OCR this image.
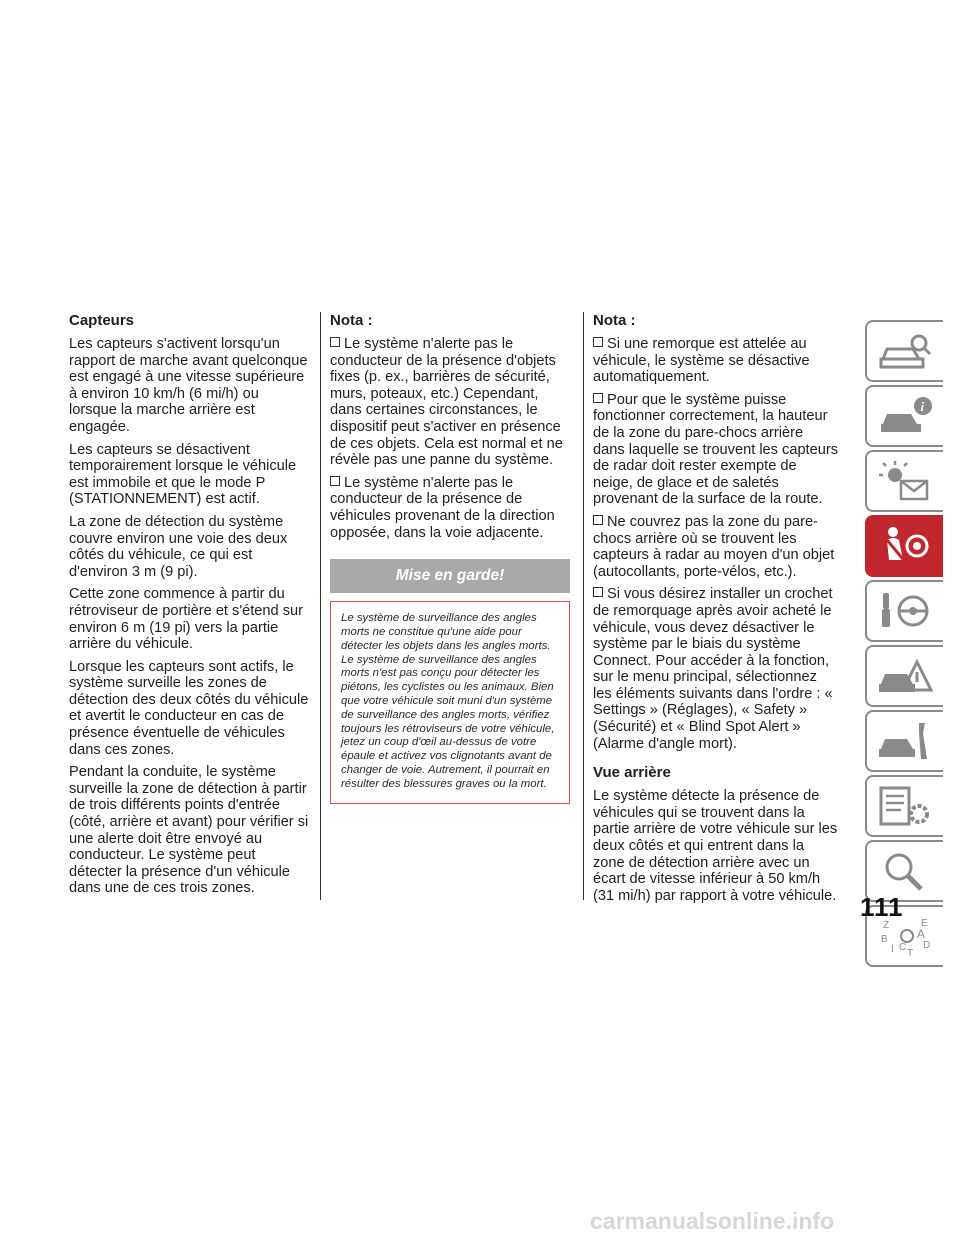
Capteurs

Les capteurs s'activent lorsqu'un rapport de marche avant quelconque est engagé à une vitesse supérieure à environ 10 km/h (6 mi/h) ou lorsque la marche arrière est engagée.

Les capteurs se désactivent temporairement lorsque le véhicule est immobile et que le mode P (STATIONNEMENT) est actif.

La zone de détection du système couvre environ une voie des deux côtés du véhicule, ce qui est d'environ 3 m (9 pi).

Cette zone commence à partir du rétroviseur de portière et s'étend sur environ 6 m (19 pi) vers la partie arrière du véhicule.

Lorsque les capteurs sont actifs, le système surveille les zones de détection des deux côtés du véhicule et avertit le conducteur en cas de présence éventuelle de véhicules dans ces zones.

Pendant la conduite, le système surveille la zone de détection à partir de trois différents points d'entrée (côté, arrière et avant) pour vérifier si une alerte doit être envoyé au conducteur. Le système peut détecter la présence d'un véhicule dans une de ces trois zones.

Nota :

Le système n'alerte pas le conducteur de la présence d'objets fixes (p. ex., barrières de sécurité, murs, poteaux, etc.) Cependant, dans certaines circonstances, le dispositif peut s'activer en présence de ces objets. Cela est normal et ne révèle pas une panne du système.

Le système n'alerte pas le conducteur de la présence de véhicules provenant de la direction opposée, dans la voie adjacente.

Mise en garde!
Le système de surveillance des angles morts ne constitue qu'une aide pour détecter les objets dans les angles morts. Le système de surveillance des angles morts n'est pas conçu pour détecter les piétons, les cyclistes ou les animaux. Bien que votre véhicule soit muni d'un système de surveillance des angles morts, vérifiez toujours les rétroviseurs de votre véhicule, jetez un coup d'œil au-dessus de votre épaule et activez vos clignotants avant de changer de voie. Autrement, il pourrait en résulter des blessures graves ou la mort.
Nota :

Si une remorque est attelée au véhicule, le système se désactive automatiquement.

Pour que le système puisse fonctionner correctement, la hauteur de la zone du pare-chocs arrière dans laquelle se trouvent les capteurs de radar doit rester exempte de neige, de glace et de saletés provenant de la surface de la route.

Ne couvrez pas la zone du pare-chocs arrière où se trouvent les capteurs à radar au moyen d'un objet (autocollants, porte-vélos, etc.).

Si vous désirez installer un crochet de remorquage après avoir acheté le véhicule, vous devez désactiver le système par le biais du système Connect. Pour accéder à la fonction, sur le menu principal, sélectionnez les éléments suivants dans l'ordre : « Settings » (Réglages), « Safety » (Sécurité) et « Blind Spot Alert » (Alarme d'angle mort).

Vue arrière

Le système détecte la présence de véhicules qui se trouvent dans la partie arrière de votre véhicule sur les deux côtés et qui entrent dans la zone de détection arrière avec un écart de vitesse inférieur à 50 km/h (31 mi/h) par rapport à votre véhicule.

i
Z	E
A
B
I C
T
D
111
carmanualsonline.info
